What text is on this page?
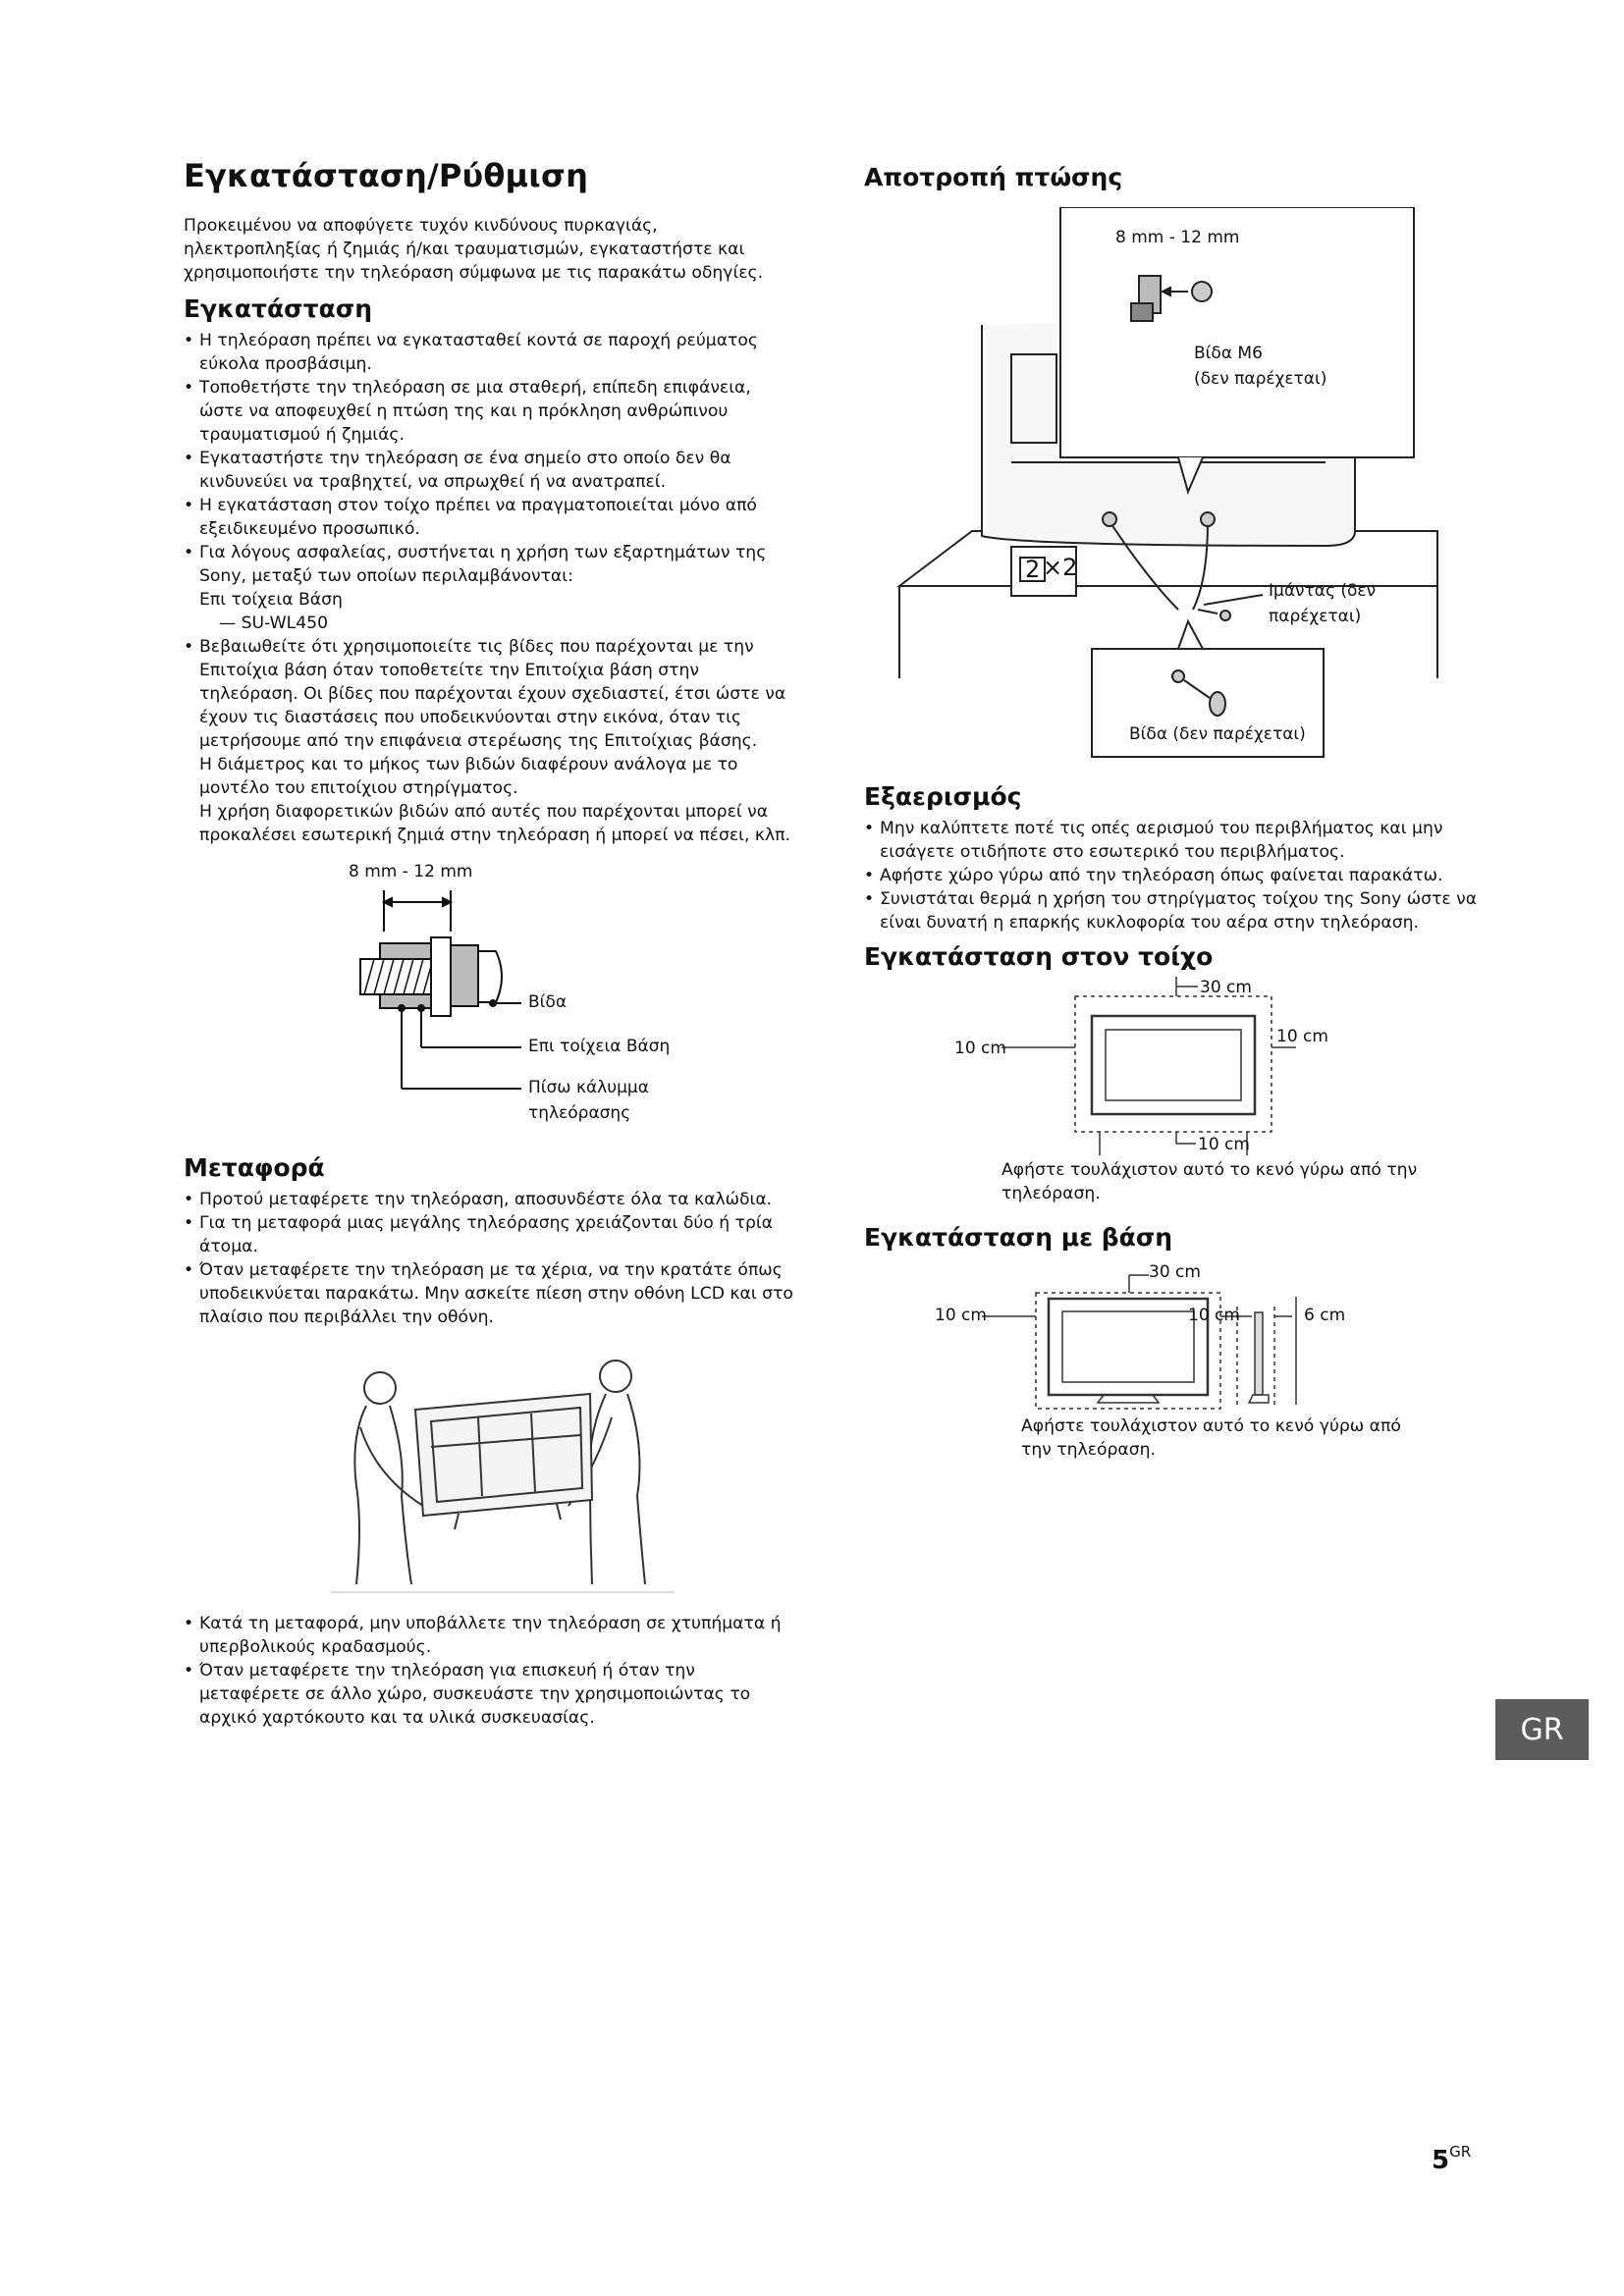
Εγκατάσταση/Ρύθμιση

Προκειμένου να αποφύγετε τυχόν κινδύνους πυρκαγιάς, ηλεκτροπληξίας ή ζημιάς ή/και τραυματισμών, εγκαταστήστε και χρησιμοποιήστε την τηλεόραση σύμφωνα με τις παρακάτω οδηγίες.

Εγκατάσταση
• Η τηλεόραση πρέπει να εγκατασταθεί κοντά σε παροχή ρεύματος εύκολα προσβάσιμη.
• Τοποθετήστε την τηλεόραση σε μια σταθερή, επίπεδη επιφάνεια, ώστε να αποφευχθεί η πτώση της και η πρόκληση ανθρώπινου τραυματισμού ή ζημιάς.
• Εγκαταστήστε την τηλεόραση σε ένα σημείο στο οποίο δεν θα κινδυνεύει να τραβηχτεί, να σπρωχθεί ή να ανατραπεί.
• Η εγκατάσταση στον τοίχο πρέπει να πραγματοποιείται μόνο από εξειδικευμένο προσωπικό.
• Για λόγους ασφαλείας, συστήνεται η χρήση των εξαρτημάτων της Sony, μεταξύ των οποίων περιλαμβάνονται:
Επι τοίχεια Βάση
— SU-WL450
• Βεβαιωθείτε ότι χρησιμοποιείτε τις βίδες που παρέχονται με την Επιτοίχια βάση όταν τοποθετείτε την Επιτοίχια βάση στην τηλεόραση. Οι βίδες που παρέχονται έχουν σχεδιαστεί, έτσι ώστε να έχουν τις διαστάσεις που υποδεικνύονται στην εικόνα, όταν τις μετρήσουμε από την επιφάνεια στερέωσης της Επιτοίχιας βάσης.
Η διάμετρος και το μήκος των βιδών διαφέρουν ανάλογα με το μοντέλο του επιτοίχιου στηρίγματος.
Η χρήση διαφορετικών βιδών από αυτές που παρέχονται μπορεί να προκαλέσει εσωτερική ζημιά στην τηλεόραση ή μπορεί να πέσει, κλπ.
8 mm - 12 mm
Βίδα
Επι τοίχεια Βάση
Πίσω κάλυμμα
τηλεόρασης
Μεταφορά
• Προτού μεταφέρετε την τηλεόραση, αποσυνδέστε όλα τα καλώδια.
• Για τη μεταφορά μιας μεγάλης τηλεόρασης χρειάζονται δύο ή τρία άτομα.
• Όταν μεταφέρετε την τηλεόραση με τα χέρια, να την κρατάτε όπως υποδεικνύεται παρακάτω. Μην ασκείτε πίεση στην οθόνη LCD και στο πλαίσιο που περιβάλλει την οθόνη.
• Κατά τη μεταφορά, μην υποβάλλετε την τηλεόραση σε χτυπήματα ή υπερβολικούς κραδασμούς.
• Όταν μεταφέρετε την τηλεόραση για επισκευή ή όταν την μεταφέρετε σε άλλο χώρο, συσκευάστε την χρησιμοποιώντας το αρχικό χαρτόκουτο και τα υλικά συσκευασίας.
Αποτροπή πτώσης
8 mm - 12 mm
Βίδα M6
(δεν παρέχεται)
2 ×2
Ιμάντας (δεν
παρέχεται)
Βίδα (δεν παρέχεται)
Εξαερισμός
• Μην καλύπτετε ποτέ τις οπές αερισμού του περιβλήματος και μην εισάγετε οτιδήποτε στο εσωτερικό του περιβλήματος.
• Αφήστε χώρο γύρω από την τηλεόραση όπως φαίνεται παρακάτω.
• Συνιστάται θερμά η χρήση του στηρίγματος τοίχου της Sony ώστε να είναι δυνατή η επαρκής κυκλοφορία του αέρα στην τηλεόραση.
Εγκατάσταση στον τοίχο
30 cm
10 cm
10 cm
10 cm

Αφήστε τουλάχιστον αυτό το κενό γύρω από την τηλεόραση.

Εγκατάσταση με βάση
30 cm
10 cm	10 cm	6 cm

Αφήστε τουλάχιστον αυτό το κενό γύρω από την τηλεόραση.

GR
$5^{GR}$
